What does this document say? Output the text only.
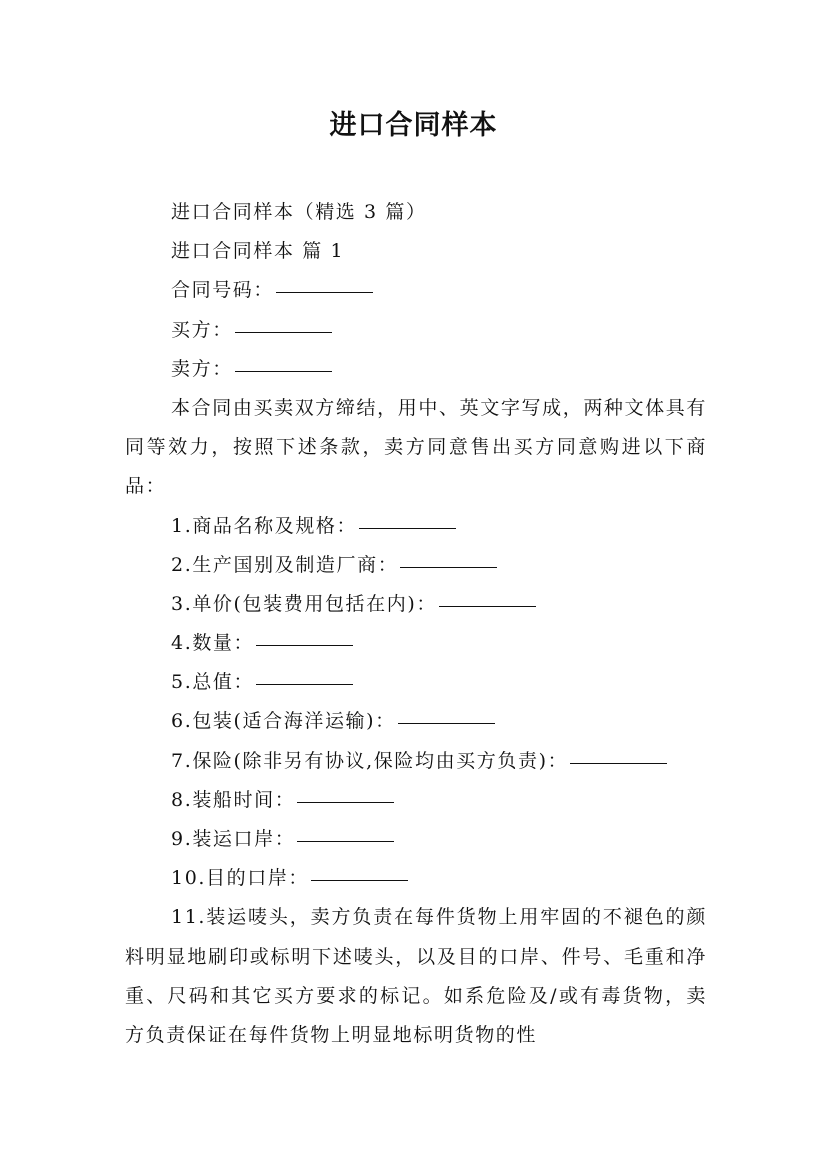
进口合同样本

进口合同样本（精选 3 篇）

进口合同样本 篇 1

合同号码：

买方：

卖方：

本合同由买卖双方缔结，用中、英文字写成，两种文体具有同等效力，按照下述条款，卖方同意售出买方同意购进以下商品：

1.商品名称及规格：

2.生产国别及制造厂商：

3.单价(包装费用包括在内)：

4.数量：

5.总值：

6.包装(适合海洋运输)：

7.保险(除非另有协议,保险均由买方负责)：

8.装船时间：

9.装运口岸：

10.目的口岸：

11.装运唛头，卖方负责在每件货物上用牢固的不褪色的颜料明显地刷印或标明下述唛头，以及目的口岸、件号、毛重和净重、尺码和其它买方要求的标记。如系危险及/或有毒货物，卖方负责保证在每件货物上明显地标明货物的性
